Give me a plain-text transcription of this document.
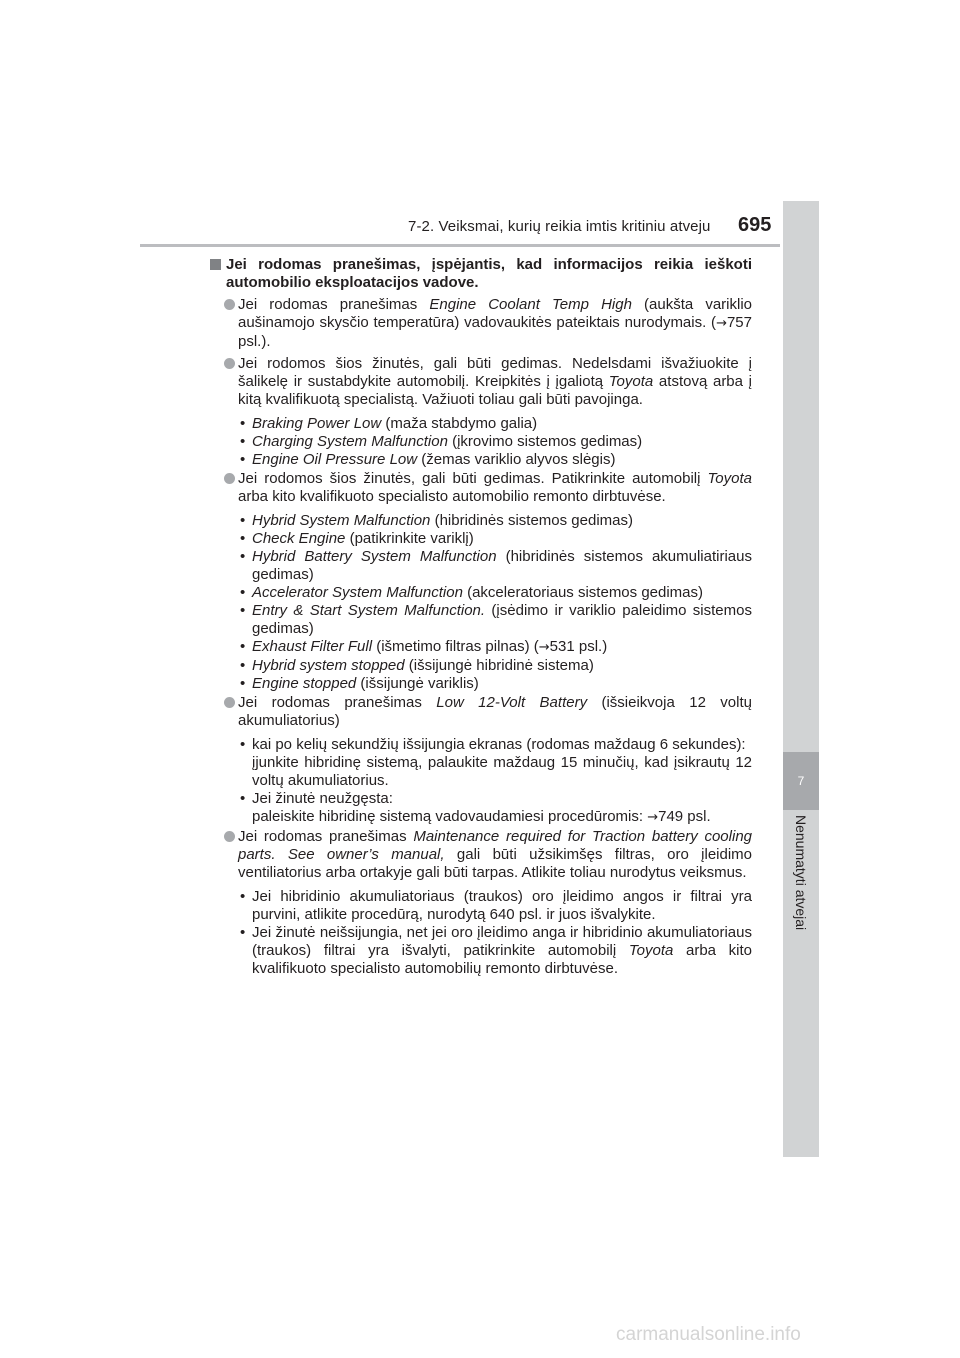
7-2. Veiksmai, kurių reikia imtis kritiniu atveju 695
7
Nenumatyti atvejai
Jei rodomas pranešimas, įspėjantis, kad informacijos reikia ieškoti automobilio eksploatacijos vadove.
Jei rodomas pranešimas Engine Coolant Temp High (aukšta variklio aušinamojo skysčio temperatūra) vadovaukitės pateiktais nurodymais. (→757 psl.).
Jei rodomos šios žinutės, gali būti gedimas. Nedelsdami išvažiuokite į šalikelę ir sustabdykite automobilį. Kreipkitės į įgaliotą Toyota atstovą arba į kitą kvalifikuotą specialistą. Važiuoti toliau gali būti pavojinga.
• Braking Power Low (maža stabdymo galia)
• Charging System Malfunction (įkrovimo sistemos gedimas)
• Engine Oil Pressure Low (žemas variklio alyvos slėgis)
Jei rodomos šios žinutės, gali būti gedimas. Patikrinkite automobilį Toyota arba kito kvalifikuoto specialisto automobilio remonto dirbtuvėse.
• Hybrid System Malfunction (hibridinės sistemos gedimas)
• Check Engine (patikrinkite variklį)
• Hybrid Battery System Malfunction (hibridinės sistemos akumuliatiriaus gedimas)
• Accelerator System Malfunction (akceleratoriaus sistemos gedimas)
• Entry & Start System Malfunction. (įsėdimo ir variklio paleidimo sistemos gedimas)
• Exhaust Filter Full (išmetimo filtras pilnas) (→531 psl.)
• Hybrid system stopped (išsijungė hibridinė sistema)
• Engine stopped (išsijungė variklis)
Jei rodomas pranešimas Low 12-Volt Battery (išsieikvoja 12 voltų akumuliatorius)
• kai po kelių sekundžių išsijungia ekranas (rodomas maždaug 6 sekundes):
įjunkite hibridinę sistemą, palaukite maždaug 15 minučių, kad įsikrautų 12 voltų akumuliatorius.
• Jei žinutė neužgęsta:
paleiskite hibridinę sistemą vadovaudamiesi procedūromis: →749 psl.
Jei rodomas pranešimas Maintenance required for Traction battery cooling parts. See owner’s manual, gali būti užsikimšęs filtras, oro įleidimo ventiliatorius arba ortakyje gali būti tarpas. Atlikite toliau nurodytus veiksmus.
• Jei hibridinio akumuliatoriaus (traukos) oro įleidimo angos ir filtrai yra purvini, atlikite procedūrą, nurodytą 640 psl. ir juos išvalykite.
• Jei žinutė neišsijungia, net jei oro įleidimo anga ir hibridinio akumuliatoriaus (traukos) filtrai yra išvalyti, patikrinkite automobilį Toyota arba kito kvalifikuoto specialisto automobilių remonto dirbtuvėse.
carmanualsonline.info
